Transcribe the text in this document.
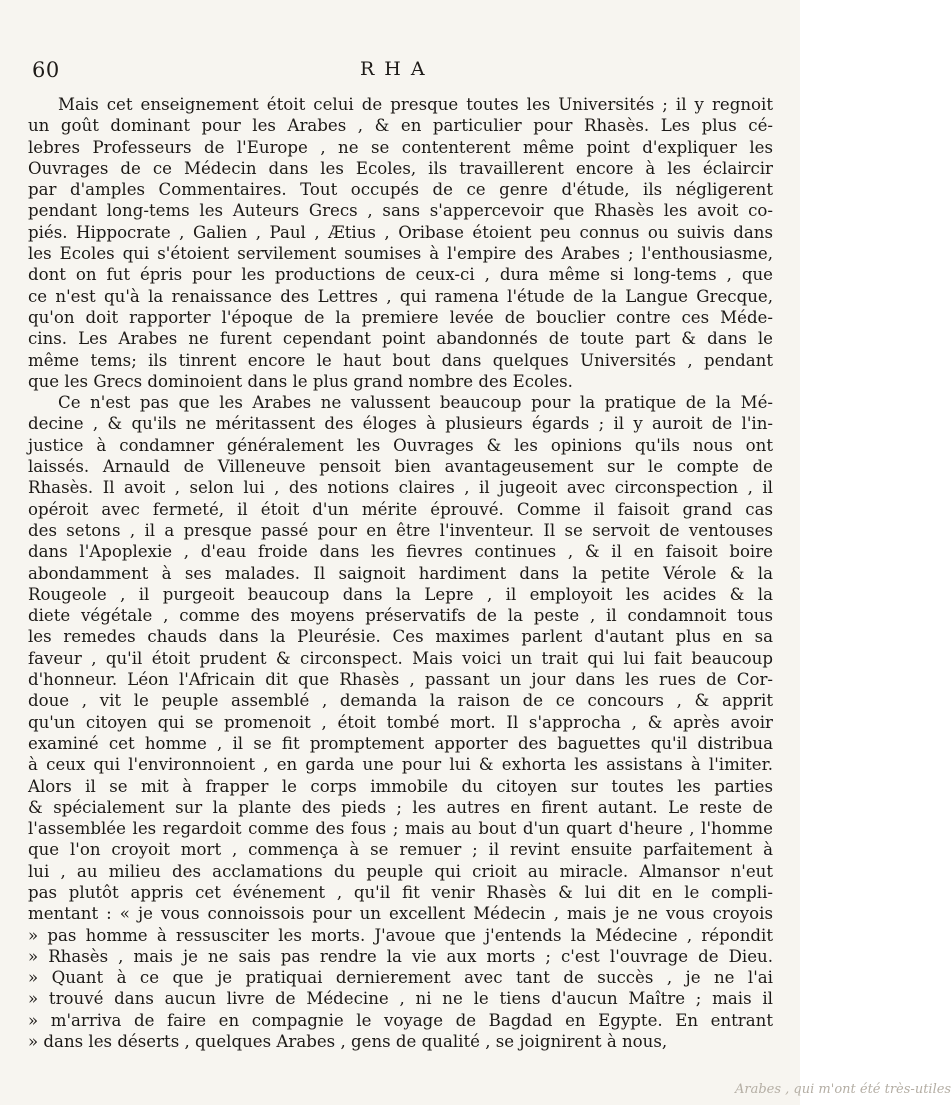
60	RHA
Mais cet enseignement étoit celui de presque toutes les Universités ; il y regnoit
un goût dominant pour les Arabes , & en particulier pour Rhasès. Les plus cé-
lebres Professeurs de l'Europe , ne se contenterent même point d'expliquer les
Ouvrages de ce Médecin dans les Ecoles, ils travaillerent encore à les éclaircir
par d'amples Commentaires. Tout occupés de ce genre d'étude, ils négligerent
pendant long-tems les Auteurs Grecs , sans s'appercevoir que Rhasès les avoit co-
piés. Hippocrate , Galien , Paul , Ætius , Oribase étoient peu connus ou suivis dans
les Ecoles qui s'étoient servilement soumises à l'empire des Arabes ; l'enthousiasme,
dont on fut épris pour les productions de ceux-ci , dura même si long-tems , que
ce n'est qu'à la renaissance des Lettres , qui ramena l'étude de la Langue Grecque,
qu'on doit rapporter l'époque de la premiere levée de bouclier contre ces Méde-
cins. Les Arabes ne furent cependant point abandonnés de toute part & dans le
même tems; ils tinrent encore le haut bout dans quelques Universités , pendant
que les Grecs dominoient dans le plus grand nombre des Ecoles.
Ce n'est pas que les Arabes ne valussent beaucoup pour la pratique de la Mé-
decine , & qu'ils ne méritassent des éloges à plusieurs égards ; il y auroit de l'in-
justice à condamner généralement les Ouvrages & les opinions qu'ils nous ont
laissés. Arnauld de Villeneuve pensoit bien avantageusement sur le compte de
Rhasès. Il avoit , selon lui , des notions claires , il jugeoit avec circonspection , il
opéroit avec fermeté, il étoit d'un mérite éprouvé. Comme il faisoit grand cas
des setons , il a presque passé pour en être l'inventeur. Il se servoit de ventouses
dans l'Apoplexie , d'eau froide dans les fievres continues , & il en faisoit boire
abondamment à ses malades. Il saignoit hardiment dans la petite Vérole & la
Rougeole , il purgeoit beaucoup dans la Lepre , il employoit les acides & la
diete végétale , comme des moyens préservatifs de la peste , il condamnoit tous
les remedes chauds dans la Pleurésie. Ces maximes parlent d'autant plus en sa
faveur , qu'il étoit prudent & circonspect. Mais voici un trait qui lui fait beaucoup
d'honneur. Léon l'Africain dit que Rhasès , passant un jour dans les rues de Cor-
doue , vit le peuple assemblé , demanda la raison de ce concours , & apprit
qu'un citoyen qui se promenoit , étoit tombé mort. Il s'approcha , & après avoir
examiné cet homme , il se fit promptement apporter des baguettes qu'il distribua
à ceux qui l'environnoient , en garda une pour lui & exhorta les assistans à l'imiter.
Alors il se mit à frapper le corps immobile du citoyen sur toutes les parties
& spécialement sur la plante des pieds ; les autres en firent autant. Le reste de
l'assemblée les regardoit comme des fous ; mais au bout d'un quart d'heure , l'homme
que l'on croyoit mort , commença à se remuer ; il revint ensuite parfaitement à
lui , au milieu des acclamations du peuple qui crioit au miracle. Almansor n'eut
pas plutôt appris cet événement , qu'il fit venir Rhasès & lui dit en le compli-
mentant : « je vous connoissois pour un excellent Médecin , mais je ne vous croyois
» pas homme à ressusciter les morts. J'avoue que j'entends la Médecine , répondit
» Rhasès , mais je ne sais pas rendre la vie aux morts ; c'est l'ouvrage de Dieu.
» Quant à ce que je pratiquai dernierement avec tant de succès , je ne l'ai
» trouvé dans aucun livre de Médecine , ni ne le tiens d'aucun Maître ; mais il
» m'arriva de faire en compagnie le voyage de Bagdad en Egypte. En entrant
» dans les déserts , quelques Arabes , gens de qualité , se joignirent à nous,
Arabes , qui m'ont été très-utiles
